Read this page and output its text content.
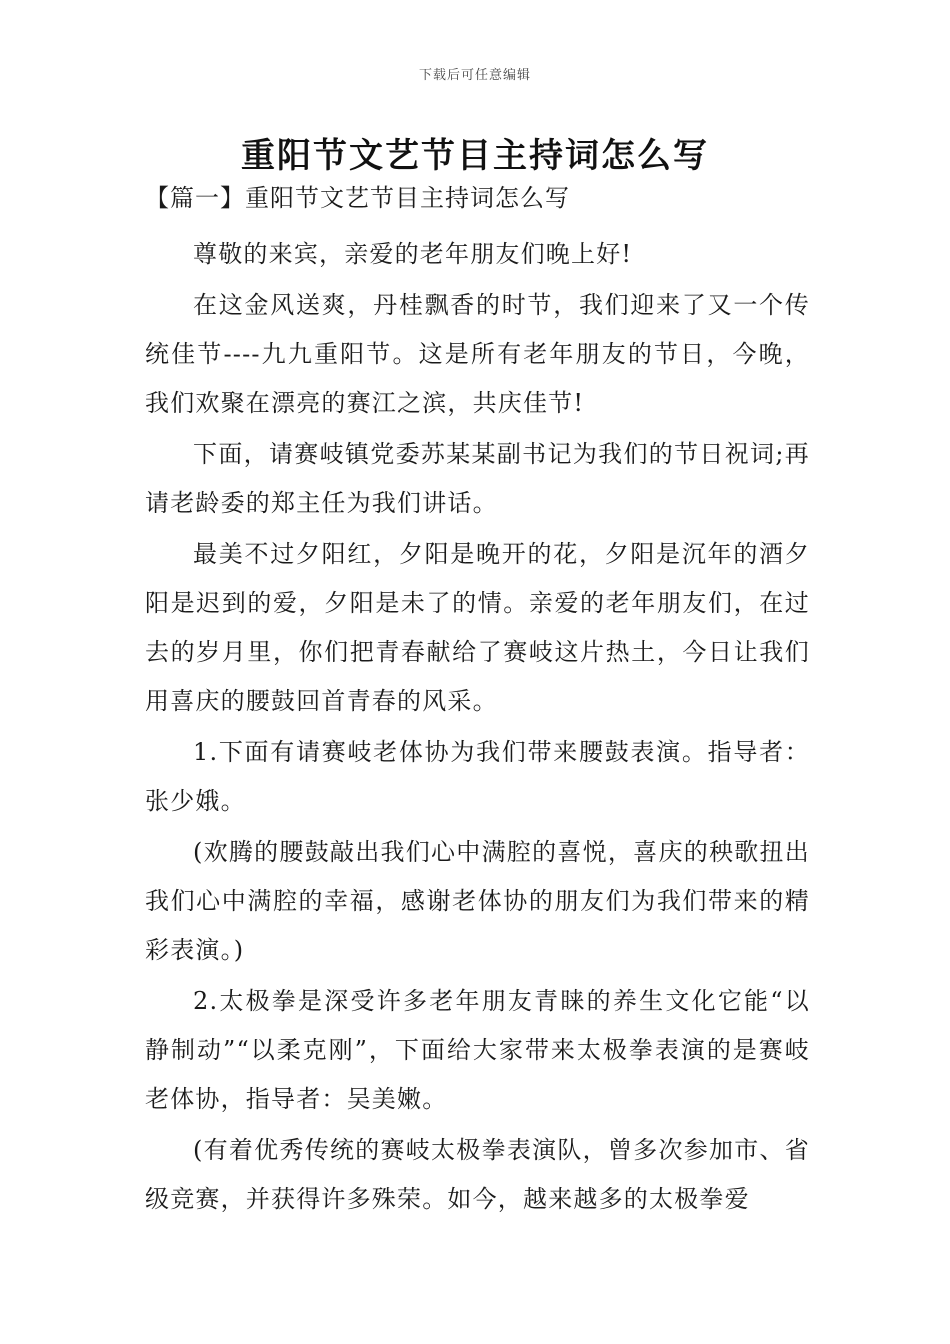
下载后可任意编辑
重阳节文艺节目主持词怎么写
【篇一】重阳节文艺节目主持词怎么写

尊敬的来宾，亲爱的老年朋友们晚上好!

在这金风送爽，丹桂飘香的时节，我们迎来了又一个传统佳节----九九重阳节。这是所有老年朋友的节日，今晚，我们欢聚在漂亮的赛江之滨，共庆佳节!

下面，请赛岐镇党委苏某某副书记为我们的节日祝词;再请老龄委的郑主任为我们讲话。

最美不过夕阳红，夕阳是晚开的花，夕阳是沉年的酒夕阳是迟到的爱，夕阳是未了的情。亲爱的老年朋友们，在过去的岁月里，你们把青春献给了赛岐这片热土，今日让我们用喜庆的腰鼓回首青春的风采。

1.下面有请赛岐老体协为我们带来腰鼓表演。指导者：张少娥。

(欢腾的腰鼓敲出我们心中满腔的喜悦，喜庆的秧歌扭出我们心中满腔的幸福，感谢老体协的朋友们为我们带来的精彩表演。)

2.太极拳是深受许多老年朋友青睐的养生文化它能“以静制动”“以柔克刚”，下面给大家带来太极拳表演的是赛岐老体协，指导者：吴美嫩。

(有着优秀传统的赛岐太极拳表演队，曾多次参加市、省级竞赛，并获得许多殊荣。如今，越来越多的太极拳爱
